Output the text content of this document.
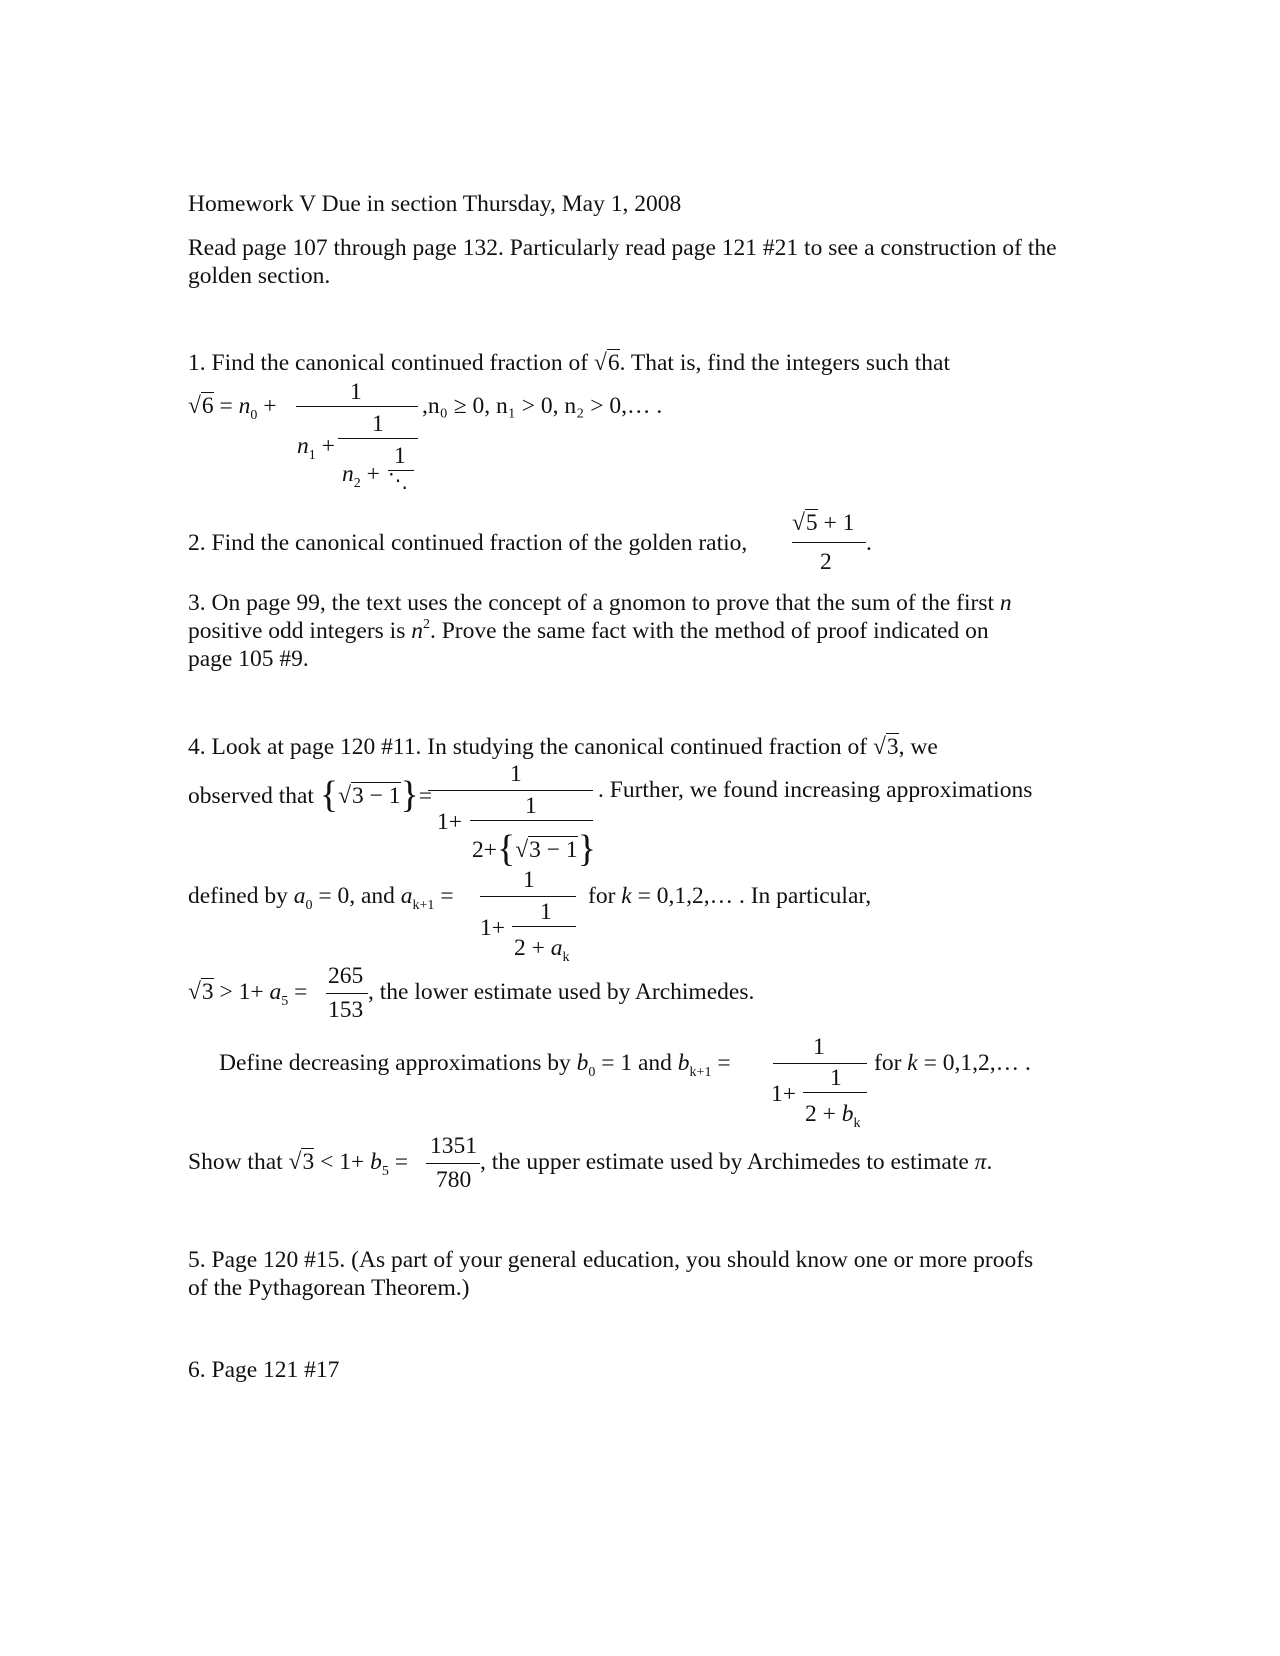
Homework V Due in section Thursday, May 1, 2008
Read page 107 through page 132. Particularly read page 121 #21 to see a construction of the golden section.
1. Find the canonical continued fraction of √6. That is, find the integers such that
$√6 = n_0$ +
1
,n₀ ≥ 0, n₁ > 0, n₂ > 0,… .
1
$n_1$ +	1
$n_2$ + ⋱
2. Find the canonical continued fraction of the golden ratio,
√5 + 1
2
.
3. On page 99, the text uses the concept of a gnomon to prove that the sum of the first n
positive odd integers is $n^2$. Prove the same fact with the method of proof indicated on
page 105 #9.
4. Look at page 120 #11. In studying the canonical continued fraction of √3, we
observed that {√3 − 1}=
1
. Further, we found increasing approximations
1
1+
2+{√3 − 1}
defined by $a_0 = 0$, and $a_{k+1}$ =
1
for k = 0,1,2,… . In particular,
1
1+
$2 + a_k$
$√3 > 1+ a_5$ =
265
153
, the lower estimate used by Archimedes.
Define decreasing approximations by $b_0 = 1$ and $b_{k+1}$ =
1
for k = 0,1,2,… .
1
1+
$2 + b_k$
Show that $√3 < 1+ b_5$ =
1351
780
, the upper estimate used by Archimedes to estimate π.
5. Page 120 #15. (As part of your general education, you should know one or more proofs of the Pythagorean Theorem.)
6. Page 121 #17
